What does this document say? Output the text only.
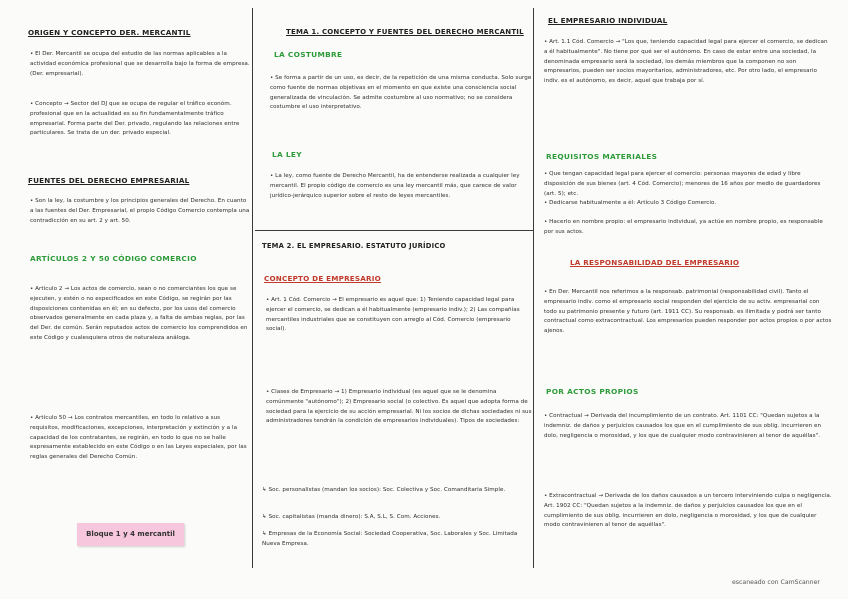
ORIGEN Y CONCEPTO DER. MERCANTIL
• El Der. Mercantil se ocupa del estudio de las normas aplicables a la actividad económica profesional que se desarrolla bajo la forma de empresa. (Der. empresarial).
• Concepto → Sector del DJ que se ocupa de regular el tráfico económ. profesional que en la actualidad es su fin fundamentalmente tráfico empresarial. Forma parte del Der. privado, regulando las relaciones entre particulares. Se trata de un der. privado especial.
FUENTES DEL DERECHO EMPRESARIAL
• Son la ley, la costumbre y los principios generales del Derecho. En cuanto a las fuentes del Der. Empresarial, el propio Código Comercio contempla una contradicción en su art. 2 y art. 50.
ARTÍCULOS 2 Y 50 CÓDIGO COMERCIO
• Artículo 2 → Los actos de comercio, sean o no comerciantes los que se ejecuten, y estén o no especificados en este Código, se regirán por las disposiciones contenidas en él; en su defecto, por los usos del comercio observados generalmente en cada plaza y, a falta de ambas reglas, por las del Der. de común. Serán reputados actos de comercio los comprendidos en este Código y cualesquiera otros de naturaleza análoga.
• Artículo 50 → Los contratos mercantiles, en todo lo relativo a sus requisitos, modificaciones, excepciones, interpretación y extinción y a la capacidad de los contratantes, se regirán, en todo lo que no se halle expresamente establecido en este Código o en las Leyes especiales, por las reglas generales del Derecho Común.
Bloque 1 y 4 mercantil
TEMA 1. CONCEPTO Y FUENTES DEL DERECHO MERCANTIL
LA COSTUMBRE
• Se forma a partir de un uso, es decir, de la repetición de una misma conducta. Solo surge como fuente de normas objetivas en el momento en que existe una consciencia social generalizada de vinculación. Se admite costumbre al uso normativo; no se considera costumbre el uso interpretativo.
LA LEY
• La ley, como fuente de Derecho Mercantil, ha de entenderse realizada a cualquier ley mercantil. El propio código de comercio es una ley mercantil más, que carece de valor jurídico-jerárquico superior sobre el resto de leyes mercantiles.
TEMA 2. EL EMPRESARIO. ESTATUTO JURÍDICO
CONCEPTO DE EMPRESARIO
• Art. 1 Cód. Comercio → El empresario es aquel que: 1) Teniendo capacidad legal para ejercer el comercio, se dedican a él habitualmente (empresario indiv.); 2) Las compañías mercantiles industriales que se constituyen con arreglo al Cód. Comercio (empresario social).
• Clases de Empresario → 1) Empresario individual (es aquel que se le denomina comúnmente "autónomo"); 2) Empresario social (o colectivo. Es aquel que adopta forma de sociedad para la ejercicio de su acción empresarial. Ni los socios de dichas sociedades ni sus administradores tendrán la condición de empresarios individuales). Tipos de sociedades:
↳ Soc. personalistas (mandan los socios): Soc. Colectiva y Soc. Comanditaria Simple.
↳ Soc. capitalistas (manda dinero): S.A, S.L, S. Com. Acciones.
↳ Empresas de la Economía Social: Sociedad Cooperativa, Soc. Laborales y Soc. Limitada Nueva Empresa.
EL EMPRESARIO INDIVIDUAL
• Art. 1.1 Cód. Comercio → "Los que, teniendo capacidad legal para ejercer el comercio, se dedican a él habitualmente". No tiene por qué ser el autónomo. En caso de estar entre una sociedad, la denominada empresario será la sociedad, los demás miembros que la componen no son empresarios, pueden ser socios mayoritarios, administradores, etc. Por otro lado, el empresario indiv. es el autónomo, es decir, aquel que trabaja por sí.
REQUISITOS MATERIALES
• Que tengan capacidad legal para ejercer el comercio: personas mayores de edad y libre disposición de sus bienes (art. 4 Cód. Comercio); menores de 16 años por medio de guardadores (art. 5); etc.
• Dedicarse habitualmente a él: Artículo 3 Código Comercio.
• Hacerlo en nombre propio: el empresario individual, ya actúe en nombre propio, es responsable por sus actos.
LA RESPONSABILIDAD DEL EMPRESARIO
• En Der. Mercantil nos referimos a la responsab. patrimonial (responsabilidad civil). Tanto el empresario indiv. como el empresario social responden del ejercicio de su activ. empresarial con todo su patrimonio presente y futuro (art. 1911 CC). Su responsab. es ilimitada y podrá ser tanto contractual como extracontractual. Los empresarios pueden responder por actos propios o por actos ajenos.
POR ACTOS PROPIOS
• Contractual → Derivada del incumplimiento de un contrato. Art. 1101 CC: "Quedan sujetos a la indemniz. de daños y perjuicios causados los que en el cumplimiento de sus oblig. incurrieren en dolo, negligencia o morosidad, y los que de cualquier modo contravinieren al tenor de aquéllas".
• Extracontractual → Derivada de los daños causados a un tercero interviniendo culpa o negligencia. Art. 1902 CC: "Quedan sujetos a la indemniz. de daños y perjuicios causados los que en el cumplimiento de sus oblig. incurrieren en dolo, negligencia o morosidad, y los que de cualquier modo contravinieren al tenor de aquéllas".
escaneado con CamScanner
